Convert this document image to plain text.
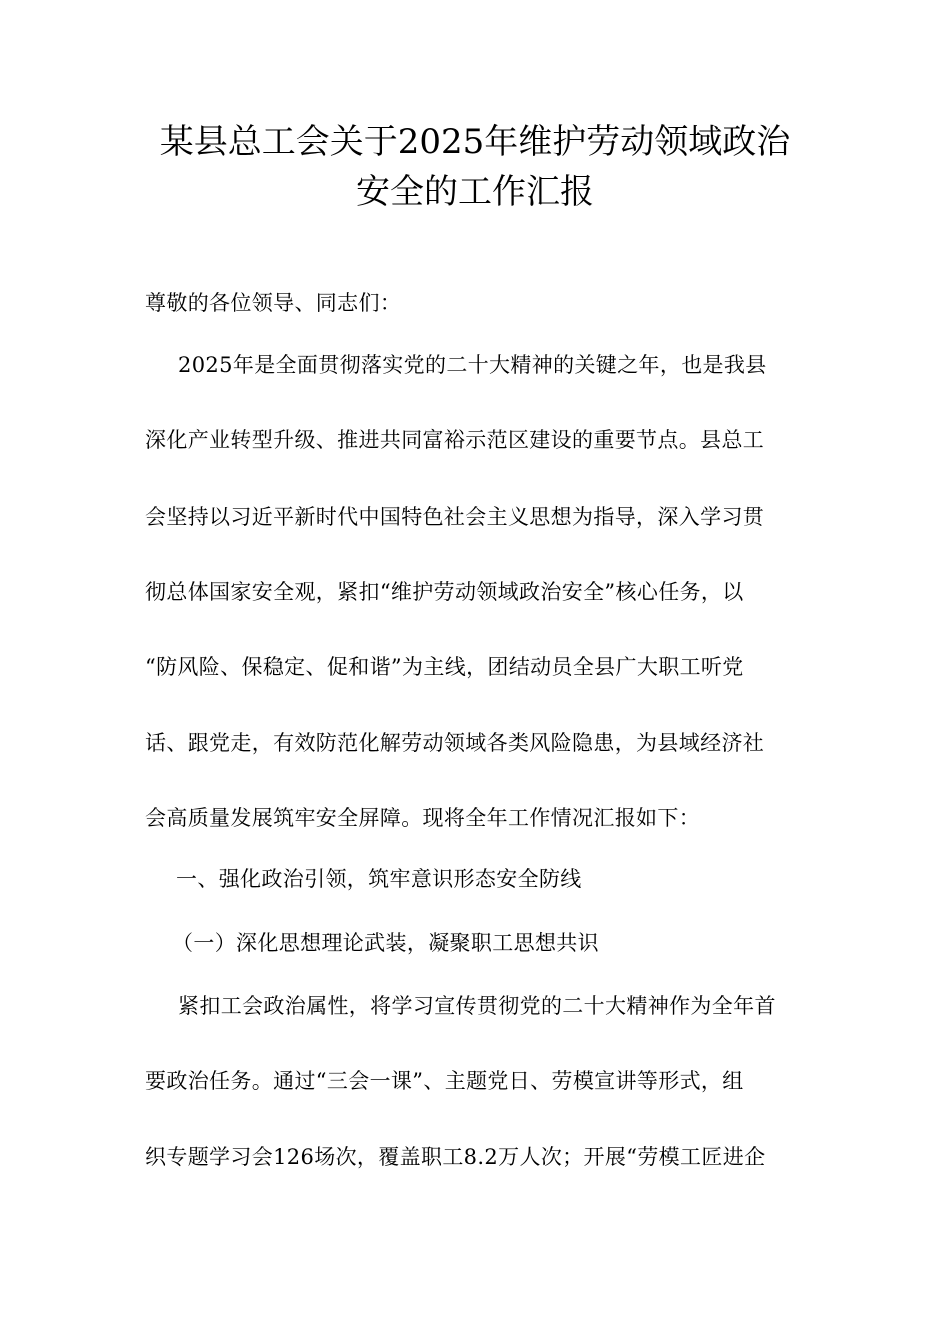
某县总工会关于2025年维护劳动领域政治
安全的工作汇报
尊敬的各位领导、同志们：
2025年是全面贯彻落实党的二十大精神的关键之年，也是我县
深化产业转型升级、推进共同富裕示范区建设的重要节点。县总工
会坚持以习近平新时代中国特色社会主义思想为指导，深入学习贯
彻总体国家安全观，紧扣“维护劳动领域政治安全”核心任务，以
“防风险、保稳定、促和谐”为主线，团结动员全县广大职工听党
话、跟党走，有效防范化解劳动领域各类风险隐患，为县域经济社
会高质量发展筑牢安全屏障。现将全年工作情况汇报如下：
一、强化政治引领，筑牢意识形态安全防线
（一）深化思想理论武装，凝聚职工思想共识
紧扣工会政治属性，将学习宣传贯彻党的二十大精神作为全年首
要政治任务。通过“三会一课”、主题党日、劳模宣讲等形式，组
织专题学习会126场次，覆盖职工8.2万人次；开展“劳模工匠进企
